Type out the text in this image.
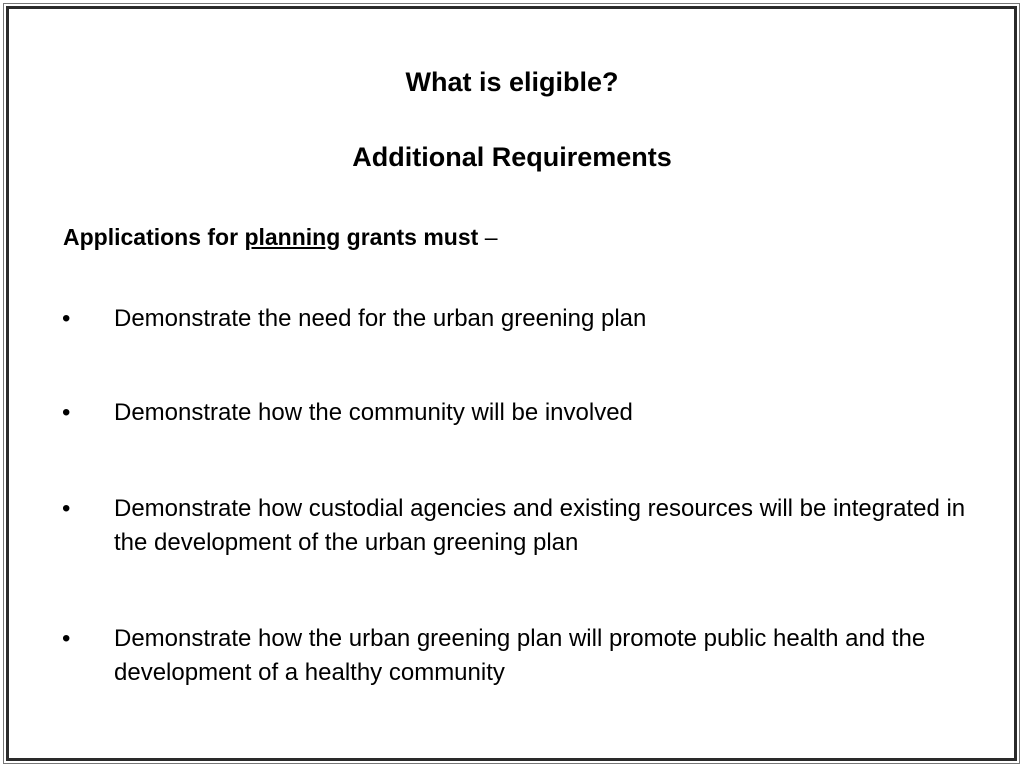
What is eligible?
Additional Requirements
Applications for planning grants must –
•	Demonstrate the need for the urban greening plan
•	Demonstrate how the community will be involved
•	Demonstrate how custodial agencies and existing resources will be integrated in the development of the urban greening plan
•	Demonstrate how the urban greening plan will promote public health and the development of a healthy community
